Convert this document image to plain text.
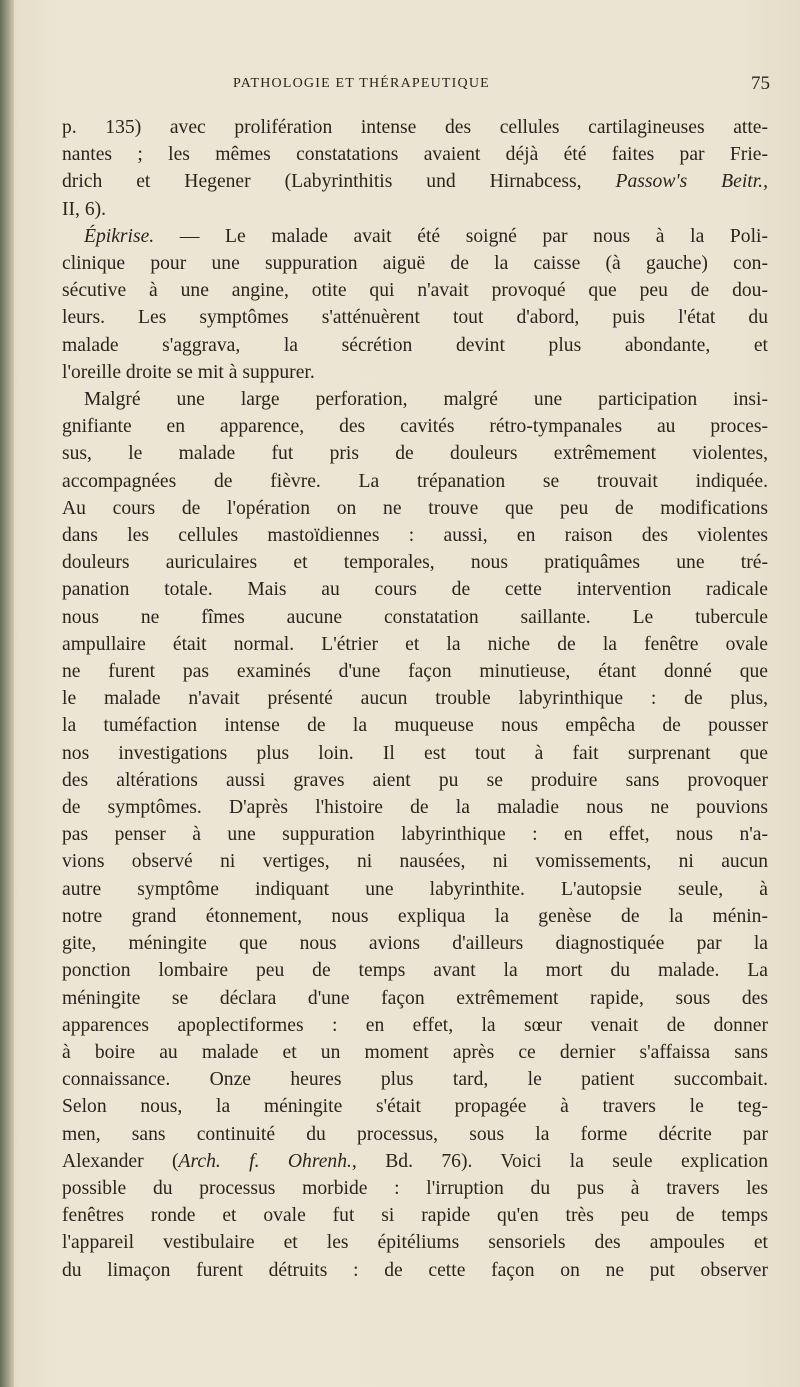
PATHOLOGIE ET THÉRAPEUTIQUE	75
p. 135) avec prolifération intense des cellules cartilagineuses atte-
nantes ; les mêmes constatations avaient déjà été faites par Frie-
drich et Hegener (Labyrinthitis und Hirnabcess, Passow's Beitr.,
II, 6).
Épikrise. — Le malade avait été soigné par nous à la Poli-
clinique pour une suppuration aiguë de la caisse (à gauche) con-
sécutive à une angine, otite qui n'avait provoqué que peu de dou-
leurs. Les symptômes s'atténuèrent tout d'abord, puis l'état du
malade s'aggrava, la sécrétion devint plus abondante, et
l'oreille droite se mit à suppurer.
Malgré une large perforation, malgré une participation insi-
gnifiante en apparence, des cavités rétro-tympanales au proces-
sus, le malade fut pris de douleurs extrêmement violentes,
accompagnées de fièvre. La trépanation se trouvait indiquée.
Au cours de l'opération on ne trouve que peu de modifications
dans les cellules mastoïdiennes : aussi, en raison des violentes
douleurs auriculaires et temporales, nous pratiquâmes une tré-
panation totale. Mais au cours de cette intervention radicale
nous ne fîmes aucune constatation saillante. Le tubercule
ampullaire était normal. L'étrier et la niche de la fenêtre ovale
ne furent pas examinés d'une façon minutieuse, étant donné que
le malade n'avait présenté aucun trouble labyrinthique : de plus,
la tuméfaction intense de la muqueuse nous empêcha de pousser
nos investigations plus loin. Il est tout à fait surprenant que
des altérations aussi graves aient pu se produire sans provoquer
de symptômes. D'après l'histoire de la maladie nous ne pouvions
pas penser à une suppuration labyrinthique : en effet, nous n'a-
vions observé ni vertiges, ni nausées, ni vomissements, ni aucun
autre symptôme indiquant une labyrinthite. L'autopsie seule, à
notre grand étonnement, nous expliqua la genèse de la ménin-
gite, méningite que nous avions d'ailleurs diagnostiquée par la
ponction lombaire peu de temps avant la mort du malade. La
méningite se déclara d'une façon extrêmement rapide, sous des
apparences apoplectiformes : en effet, la sœur venait de donner
à boire au malade et un moment après ce dernier s'affaissa sans
connaissance. Onze heures plus tard, le patient succombait.
Selon nous, la méningite s'était propagée à travers le teg-
men, sans continuité du processus, sous la forme décrite par
Alexander (Arch. f. Ohrenh., Bd. 76). Voici la seule explication
possible du processus morbide : l'irruption du pus à travers les
fenêtres ronde et ovale fut si rapide qu'en très peu de temps
l'appareil vestibulaire et les épitéliums sensoriels des ampoules et
du limaçon furent détruits : de cette façon on ne put observer
